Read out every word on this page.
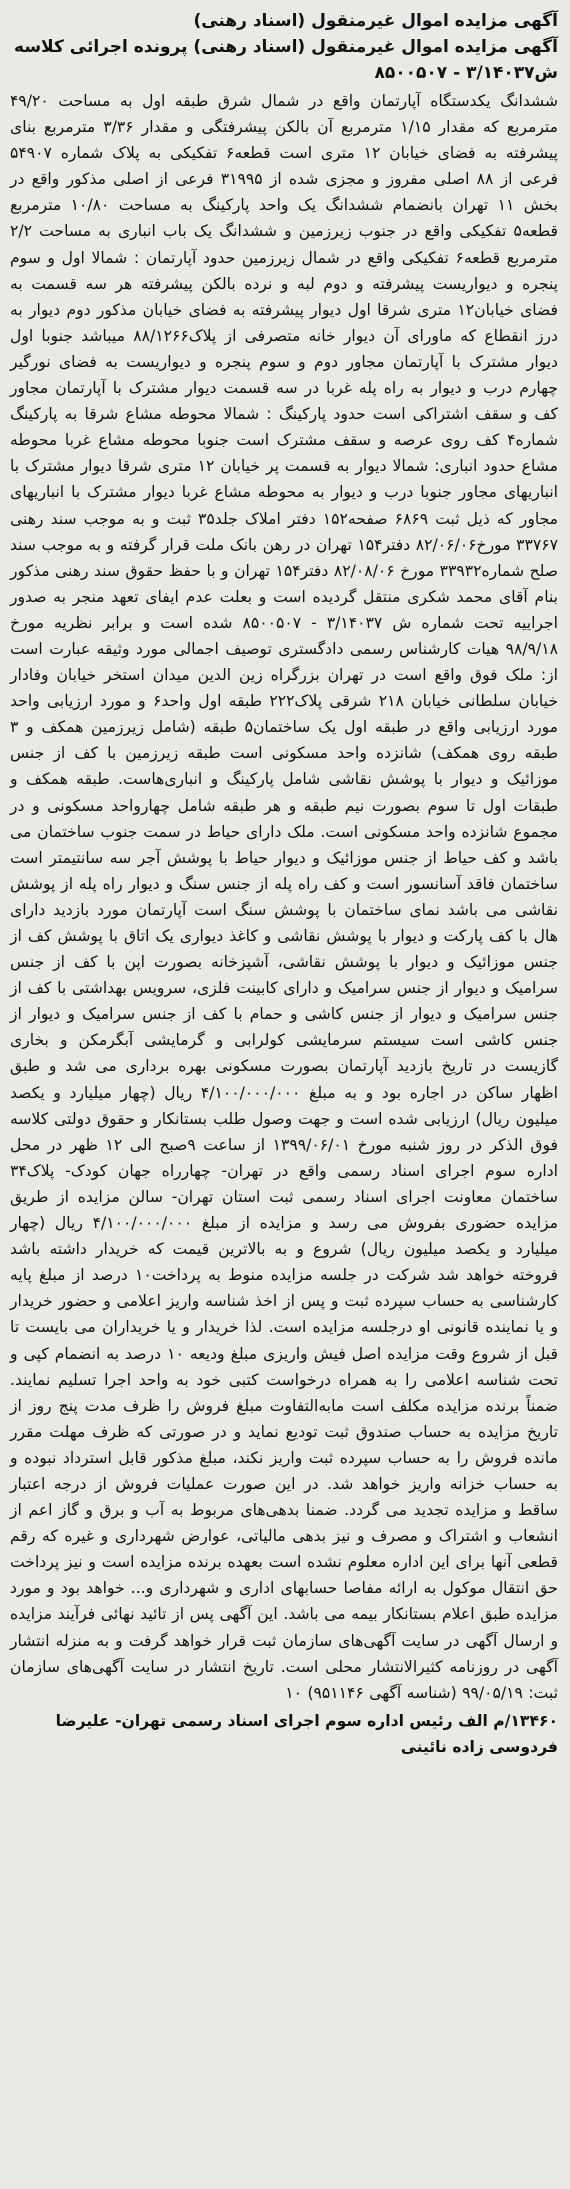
آگهی مزایده اموال غیرمنقول (اسناد رهنی)

آگهی مزایده اموال غیرمنقول (اسناد رهنی) پرونده اجرائی کلاسه ش۳/۱۴۰۳۷ - ۸۵۰۰۵۰۷

ششدانگ یکدستگاه آپارتمان واقع در شمال شرق طبقه اول به مساحت ۴۹/۲۰ مترمربع که مقدار ۱/۱۵ مترمربع آن بالکن پیشرفتگی و مقدار ۳/۳۶ مترمربع بنای پیشرفته به فضای خیابان ۱۲ متری است قطعه۶ تفکیکی به پلاک شماره ۵۴۹۰۷ فرعی از ۸۸ اصلی مفروز و مجزی شده از ۳۱۹۹۵ فرعی از اصلی مذکور واقع در بخش ۱۱ تهران بانضمام ششدانگ یک واحد پارکینگ به مساحت ۱۰/۸۰ مترمربع قطعه۵ تفکیکی واقع در جنوب زیرزمین و ششدانگ یک باب انباری به مساحت ۲/۲ مترمربع قطعه۶ تفکیکی واقع در شمال زیرزمین حدود آپارتمان : شمالا اول و سوم پنجره و دیواریست پیشرفته و دوم لبه و نرده بالکن پیشرفته هر سه قسمت به فضای خیابان۱۲ متری شرقا اول دیوار پیشرفته به فضای خیابان مذکور دوم دیوار به درز انقطاع که ماورای آن دیوار خانه متصرفی از پلاک۸۸/۱۲۶۶ میباشد جنوبا اول دیوار مشترک با آپارتمان مجاور دوم و سوم پنجره و دیواریست به فضای نورگیر چهارم درب و دیوار به راه پله غربا در سه قسمت دیوار مشترک با آپارتمان مجاور کف و سقف اشتراکی است حدود پارکینگ : شمالا محوطه مشاع شرقا به پارکینگ شماره۴ کف روی عرصه و سقف مشترک است جنوبا محوطه مشاع غربا محوطه مشاع حدود انباری: شمالا دیوار به قسمت پر خیابان ۱۲ متری شرقا دیوار مشترک با انباریهای مجاور جنوبا درب و دیوار به محوطه مشاع غربا دیوار مشترک با انباریهای مجاور که ذیل ثبت ۶۸۶۹ صفحه۱۵۲ دفتر املاک جلد۳۵ ثبت و به موجب سند رهنی ۳۳۷۶۷ مورخ۸۲/۰۶/۰۶ دفتر۱۵۴ تهران در رهن بانک ملت قرار گرفته و به موجب سند صلح شماره۳۳۹۳۲ مورخ ۸۲/۰۸/۰۶ دفتر۱۵۴ تهران و با حفظ حقوق سند رهنی مذکور بنام آقای محمد شکری منتقل گردیده است و بعلت عدم ایفای تعهد منجر به صدور اجراییه تحت شماره ش ۳/۱۴۰۳۷ - ۸۵۰۰۵۰۷ شده است و برابر نظریه مورخ ۹۸/۹/۱۸ هیات کارشناس رسمی دادگستری توصیف اجمالی مورد وثیقه عبارت است از: ملک فوق واقع است در تهران بزرگراه زین الدین میدان استخر خیابان وفادار خیابان سلطانی خیابان ۲۱۸ شرقی پلاک۲۲۲ طبقه اول واحد۶ و مورد ارزیابی واحد مورد ارزیابی واقع در طبقه اول یک ساختمان۵ طبقه (شامل زیرزمین همکف و ۳ طبقه روی همکف) شانزده واحد مسکونی است طبقه زیرزمین با کف از جنس موزائیک و دیوار با پوشش نقاشی شامل پارکینگ و انباری‌هاست. طبقه همکف و طبقات اول تا سوم بصورت نیم طبقه و هر طبقه شامل چهارواحد مسکونی و در مجموع شانزده واحد مسکونی است. ملک دارای حیاط در سمت جنوب ساختمان می باشد و کف حیاط از جنس موزائیک و دیوار حیاط با پوشش آجر سه سانتیمتر است ساختمان فاقد آسانسور است و کف راه پله از جنس سنگ و دیوار راه پله از پوشش نقاشی می باشد نمای ساختمان با پوشش سنگ است آپارتمان مورد بازدید دارای هال با کف پارکت و دیوار با پوشش نقاشی و کاغذ دیواری یک اتاق با پوشش کف از جنس موزائیک و دیوار با پوشش نقاشی، آشپزخانه بصورت اپن با کف از جنس سرامیک و دیوار از جنس سرامیک و دارای کابینت فلزی، سرویس بهداشتی با کف از جنس سرامیک و دیوار از جنس کاشی و حمام با کف از جنس سرامیک و دیوار از جنس کاشی است سیستم سرمایشی کولرابی و گرمایشی آبگرمکن و بخاری گازیست در تاریخ بازدید آپارتمان بصورت مسکونی بهره برداری می شد و طبق اظهار ساکن در اجاره بود و به مبلغ ۴/۱۰۰/۰۰۰/۰۰۰ ریال (چهار میلیارد و یکصد میلیون ریال) ارزیابی شده است و جهت وصول طلب بستانکار و حقوق دولتی کلاسه فوق الذکر در روز شنبه مورخ ۱۳۹۹/۰۶/۰۱ از ساعت ۹صبح الی ۱۲ ظهر در محل اداره سوم اجرای اسناد رسمی واقع در تهران- چهارراه جهان کودک- پلاک۳۴ ساختمان معاونت اجرای اسناد رسمی ثبت استان تهران- سالن مزایده از طریق مزایده حضوری بفروش می رسد و مزایده از مبلغ ۴/۱۰۰/۰۰۰/۰۰۰ ریال (چهار میلیارد و یکصد میلیون ریال) شروع و به بالاترین قیمت که خریدار داشته باشد فروخته خواهد شد شرکت در جلسه مزایده منوط به پرداخت۱۰ درصد از مبلغ پایه کارشناسی به حساب سپرده ثبت و پس از اخذ شناسه واریز اعلامی و حضور خریدار و یا نماینده قانونی او درجلسه مزایده است. لذا خریدار و یا خریداران می بایست تا قبل از شروع وقت مزایده اصل فیش واریزی مبلغ ودیعه ۱۰ درصد به انضمام کپی و تحت شناسه اعلامی را به همراه درخواست کتبی خود به واحد اجرا تسلیم نمایند. ضمناً برنده مزایده مکلف است مابه‌التفاوت مبلغ فروش را ظرف مدت پنج روز از تاریخ مزایده به حساب صندوق ثبت تودیع نماید و در صورتی که ظرف مهلت مقرر مانده فروش را به حساب سپرده ثبت واریز نکند، مبلغ مذکور قابل استرداد نبوده و به حساب خزانه واریز خواهد شد. در این صورت عملیات فروش از درجه اعتبار ساقط و مزایده تجدید می گردد. ضمنا بدهی‌های مربوط به آب و برق و گاز اعم از انشعاب و اشتراک و مصرف و نیز بدهی مالیاتی، عوارض شهرداری و غیره که رقم قطعی آنها برای این اداره معلوم نشده است بعهده برنده مزایده است و نیز پرداخت حق انتقال موکول به ارائه مفاصا حسابهای اداری و شهرداری و... خواهد بود و مورد مزایده طبق اعلام بستانکار بیمه می باشد. این آگهی پس از تائید نهائی فرآیند مزایده و ارسال آگهی در سایت آگهی‌های سازمان ثبت قرار خواهد گرفت و به منزله انتشار آگهی در روزنامه کثیرالانتشار محلی است. تاریخ انتشار در سایت آگهی‌های سازمان ثبت: ۹۹/۰۵/۱۹ (شناسه آگهی ۹۵۱۱۴۶) ۱۰

۱۳۴۶۰/م الف رئیس اداره سوم اجرای اسناد رسمی تهران- علیرضا فردوسی زاده نائینی
